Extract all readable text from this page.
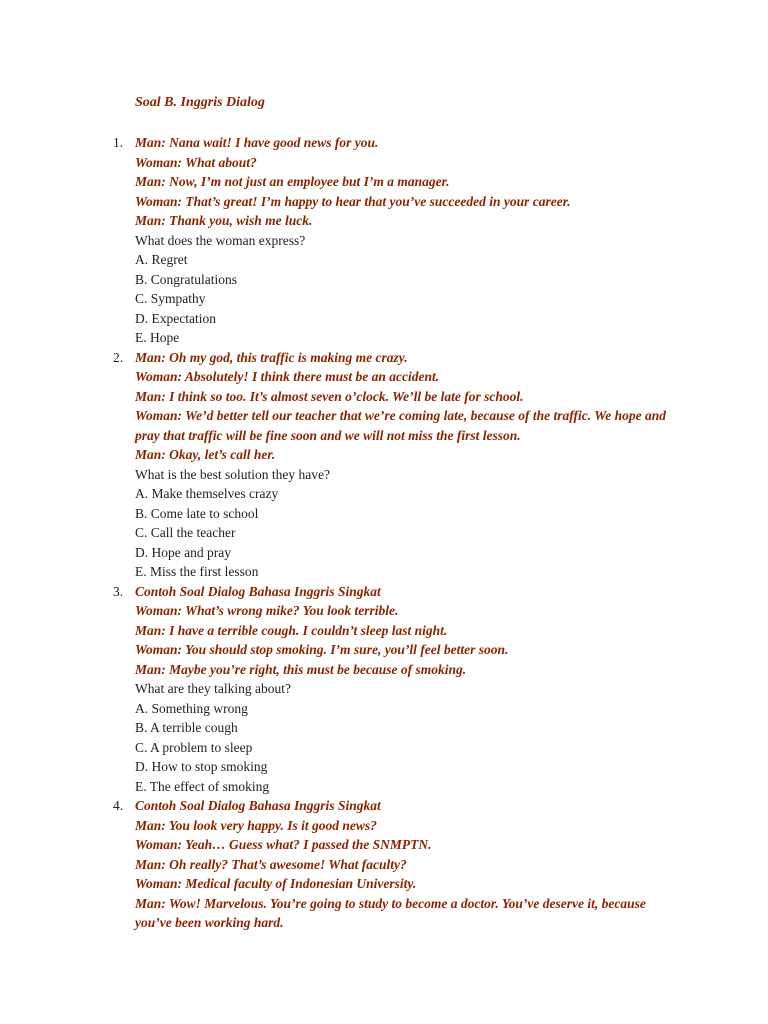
Soal B. Inggris Dialog
1. Man: Nana wait! I have good news for you.

Woman: What about?

Man: Now, I’m not just an employee but I’m a manager.

Woman: That’s great! I’m happy to hear that you’ve succeeded in your career.

Man: Thank you, wish me luck.

What does the woman express?

A. Regret

B. Congratulations

C. Sympathy

D. Expectation

E. Hope

2. Man: Oh my god, this traffic is making me crazy.

Woman: Absolutely! I think there must be an accident.

Man: I think so too. It’s almost seven o’clock. We’ll be late for school.

Woman: We’d better tell our teacher that we’re coming late, because of the traffic. We hope and pray that traffic will be fine soon and we will not miss the first lesson.

Man: Okay, let’s call her.

What is the best solution they have?

A. Make themselves crazy

B. Come late to school

C. Call the teacher

D. Hope and pray

E. Miss the first lesson

3. Contoh Soal Dialog Bahasa Inggris Singkat

Woman: What’s wrong mike? You look terrible.

Man: I have a terrible cough. I couldn’t sleep last night.

Woman: You should stop smoking. I’m sure, you’ll feel better soon.

Man: Maybe you’re right, this must be because of smoking.

What are they talking about?

A. Something wrong

B. A terrible cough

C. A problem to sleep

D. How to stop smoking

E. The effect of smoking

4. Contoh Soal Dialog Bahasa Inggris Singkat

Man: You look very happy. Is it good news?

Woman: Yeah… Guess what? I passed the SNMPTN.

Man: Oh really? That’s awesome! What faculty?

Woman: Medical faculty of Indonesian University.

Man: Wow! Marvelous. You’re going to study to become a doctor. You’ve deserve it, because you’ve been working hard.
